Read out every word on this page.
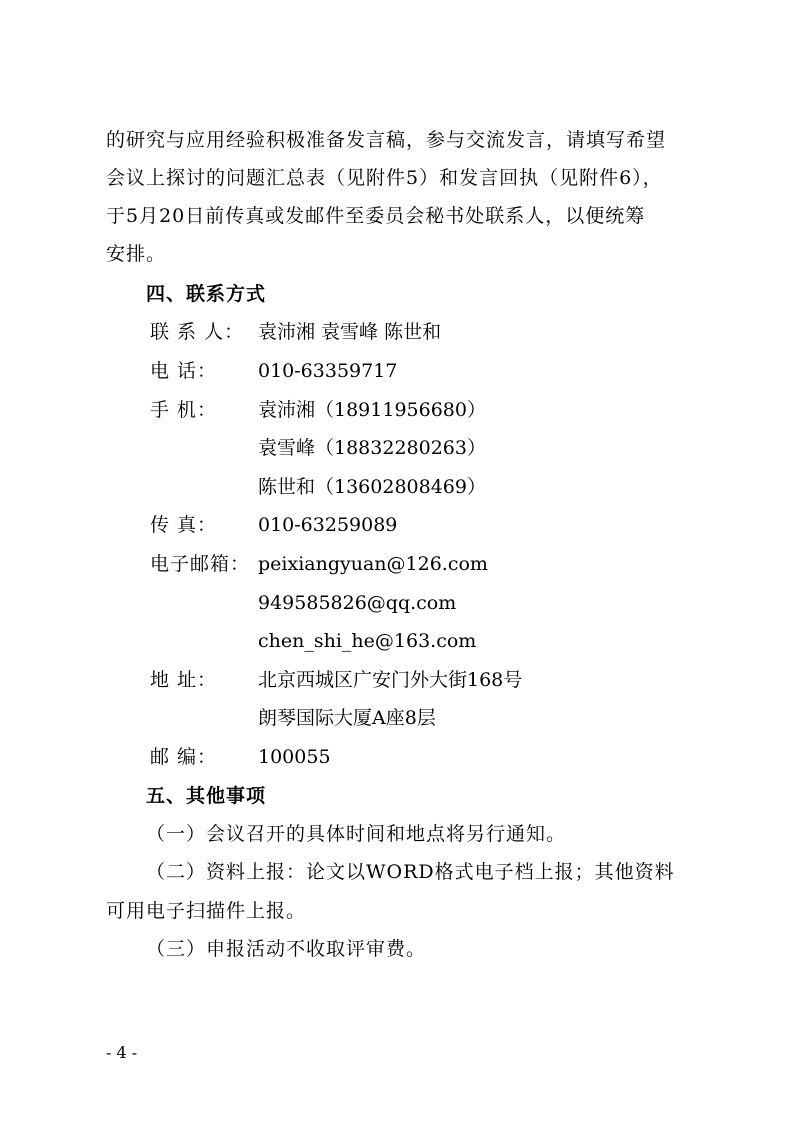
的研究与应用经验积极准备发言稿，参与交流发言，请填写希望
会议上探讨的问题汇总表（见附件5）和发言回执（见附件6），
于5月20日前传真或发邮件至委员会秘书处联系人，以便统筹
安排。
四、联系方式
联 系 人： 袁沛湘 袁雪峰 陈世和
电 话： 010-63359717
手 机： 袁沛湘（18911956680）
袁雪峰（18832280263）
陈世和（13602808469）
传 真： 010-63259089
电子邮箱： peixiangyuan@126.com
949585826@qq.com
chen_shi_he@163.com
地 址： 北京西城区广安门外大街168号
朗琴国际大厦A座8层
邮 编： 100055
五、其他事项
（一）会议召开的具体时间和地点将另行通知。
（二）资料上报：论文以WORD格式电子档上报；其他资料
可用电子扫描件上报。
（三）申报活动不收取评审费。
- 4 -
